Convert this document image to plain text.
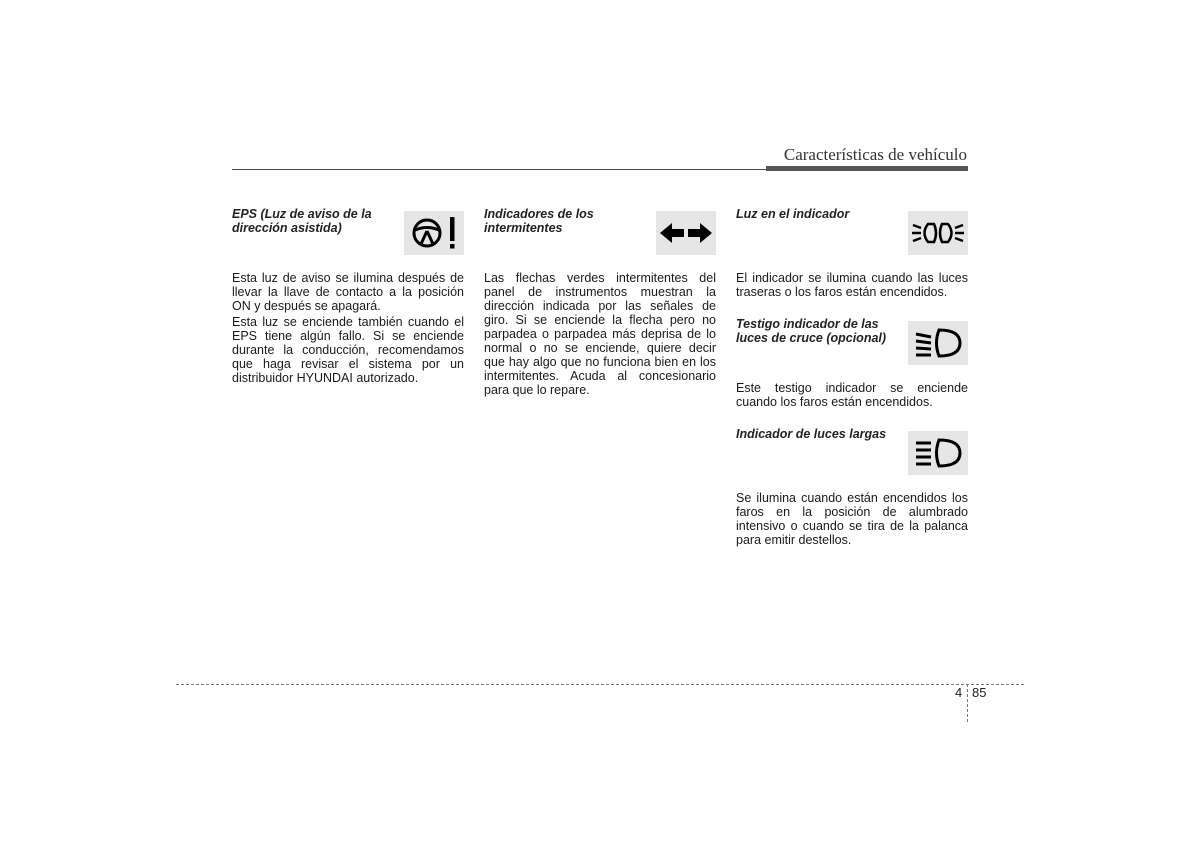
Características de vehículo
EPS (Luz de aviso de la dirección asistida)

Esta luz de aviso se ilumina después de llevar la llave de contacto a la posición ON y después se apagará.

Esta luz se enciende también cuando el EPS tiene algún fallo. Si se enciende durante la conducción, recomendamos que haga revisar el sistema por un distribuidor HYUNDAI autorizado.

Indicadores de los intermitentes

Las flechas verdes intermitentes del panel de instrumentos muestran la dirección indicada por las señales de giro. Si se enciende la flecha pero no parpadea o parpadea más deprisa de lo normal o no se enciende, quiere decir que hay algo que no funciona bien en los intermitentes. Acuda al concesionario para que lo repare.

Luz en el indicador

El indicador se ilumina cuando las luces traseras o los faros están encendidos.

Testigo indicador de las luces de cruce (opcional)

Este testigo indicador se enciende cuando los faros están encendidos.

Indicador de luces largas

Se ilumina cuando están encendidos los faros en la posición de alumbrado intensivo o cuando se tira de la palanca para emitir destellos.

4 85
